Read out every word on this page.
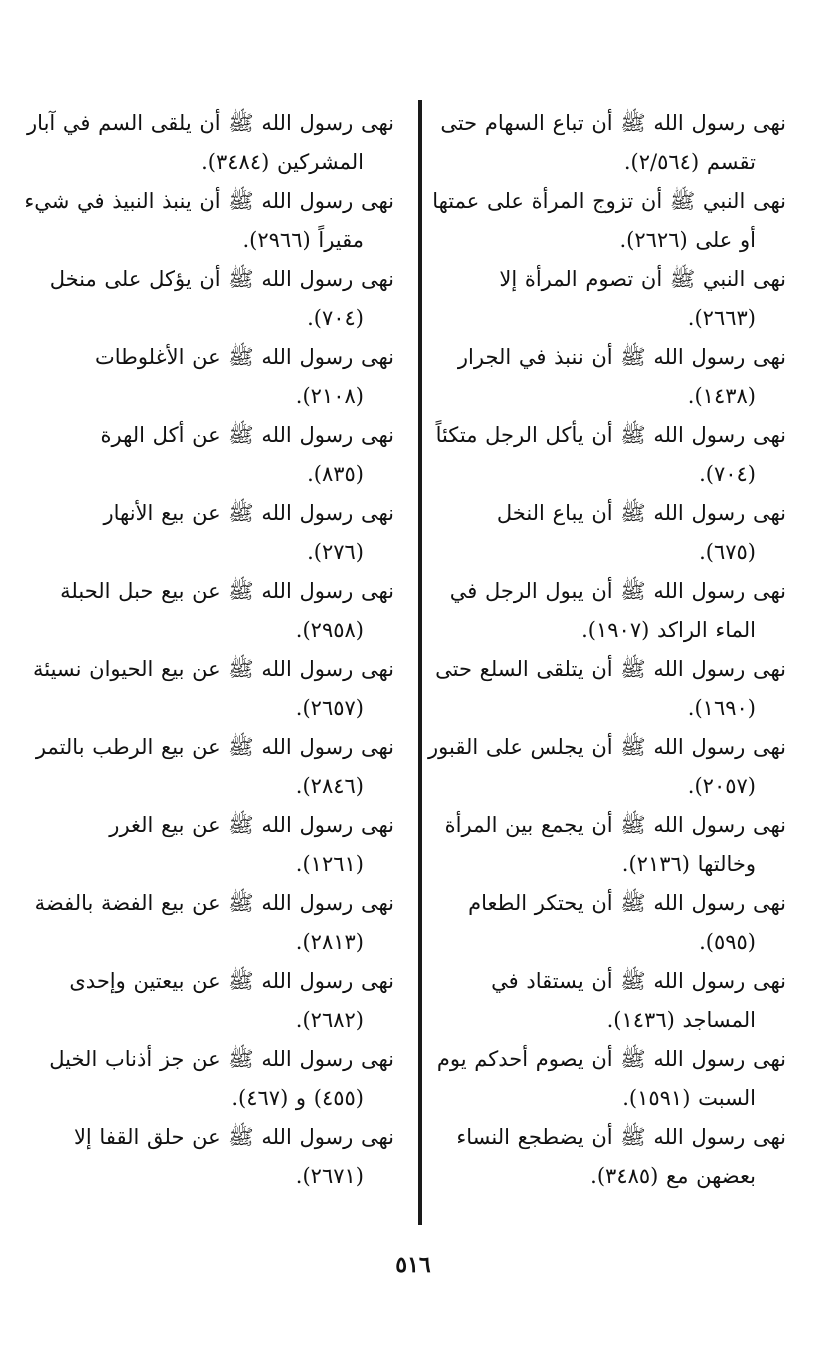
نهى رسول الله ﷺ أن تباع السهام حتى
تقسم (٢/٥٦٤).
نهى النبي ﷺ أن تزوج المرأة على عمتها
أو على (٢٦٢٦).
نهى النبي ﷺ أن تصوم المرأة إلا
(٢٦٦٣).
نهى رسول الله ﷺ أن ننبذ في الجرار
(١٤٣٨).
نهى رسول الله ﷺ أن يأكل الرجل متكئاً
(٧٠٤).
نهى رسول الله ﷺ أن يباع النخل
(٦٧٥).
نهى رسول الله ﷺ أن يبول الرجل في
الماء الراكد (١٩٠٧).
نهى رسول الله ﷺ أن يتلقى السلع حتى
(١٦٩٠).
نهى رسول الله ﷺ أن يجلس على القبور
(٢٠٥٧).
نهى رسول الله ﷺ أن يجمع بين المرأة
وخالتها (٢١٣٦).
نهى رسول الله ﷺ أن يحتكر الطعام
(٥٩٥).
نهى رسول الله ﷺ أن يستقاد في
المساجد (١٤٣٦).
نهى رسول الله ﷺ أن يصوم أحدكم يوم
السبت (١٥٩١).
نهى رسول الله ﷺ أن يضطجع النساء
بعضهن مع (٣٤٨٥).
نهى رسول الله ﷺ أن يلقى السم في آبار
المشركين (٣٤٨٤).
نهى رسول الله ﷺ أن ينبذ النبيذ في شيء
مقيراً (٢٩٦٦).
نهى رسول الله ﷺ أن يؤكل على منخل
(٧٠٤).
نهى رسول الله ﷺ عن الأغلوطات
(٢١٠٨).
نهى رسول الله ﷺ عن أكل الهرة
(٨٣٥).
نهى رسول الله ﷺ عن بيع الأنهار
(٢٧٦).
نهى رسول الله ﷺ عن بيع حبل الحبلة
(٢٩٥٨).
نهى رسول الله ﷺ عن بيع الحيوان نسيئة
(٢٦٥٧).
نهى رسول الله ﷺ عن بيع الرطب بالتمر
(٢٨٤٦).
نهى رسول الله ﷺ عن بيع الغرر
(١٢٦١).
نهى رسول الله ﷺ عن بيع الفضة بالفضة
(٢٨١٣).
نهى رسول الله ﷺ عن بيعتين وإحدى
(٢٦٨٢).
نهى رسول الله ﷺ عن جز أذناب الخيل
(٤٥٥) و (٤٦٧).
نهى رسول الله ﷺ عن حلق القفا إلا
(٢٦٧١).
٥١٦
